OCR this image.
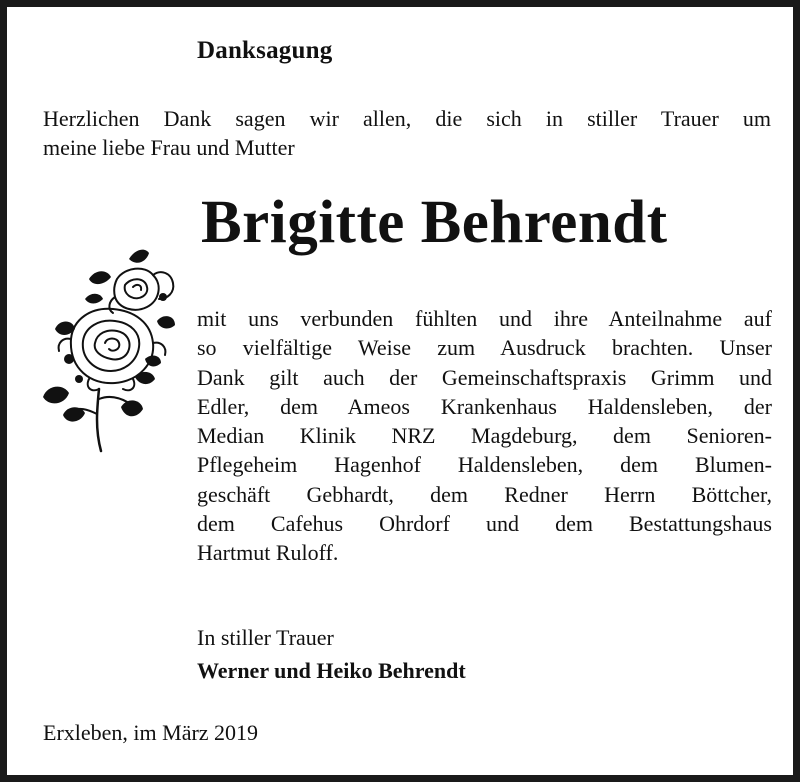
Danksagung

Herzlichen Dank sagen wir allen, die sich in stiller Trauer um
meine liebe Frau und Mutter

Brigitte Behrendt

mit uns verbunden fühlten und ihre Anteilnahme auf
so vielfältige Weise zum Ausdruck brachten. Unser
Dank gilt auch der Gemeinschaftspraxis Grimm und
Edler, dem Ameos Krankenhaus Haldensleben, der
Median Klinik NRZ Magdeburg, dem Senioren-
Pflegeheim Hagenhof Haldensleben, dem Blumen-
geschäft Gebhardt, dem Redner Herrn Böttcher,
dem Cafehus Ohrdorf und dem Bestattungshaus
Hartmut Ruloff.

In stiller Trauer

Werner und Heiko Behrendt

Erxleben, im März 2019
